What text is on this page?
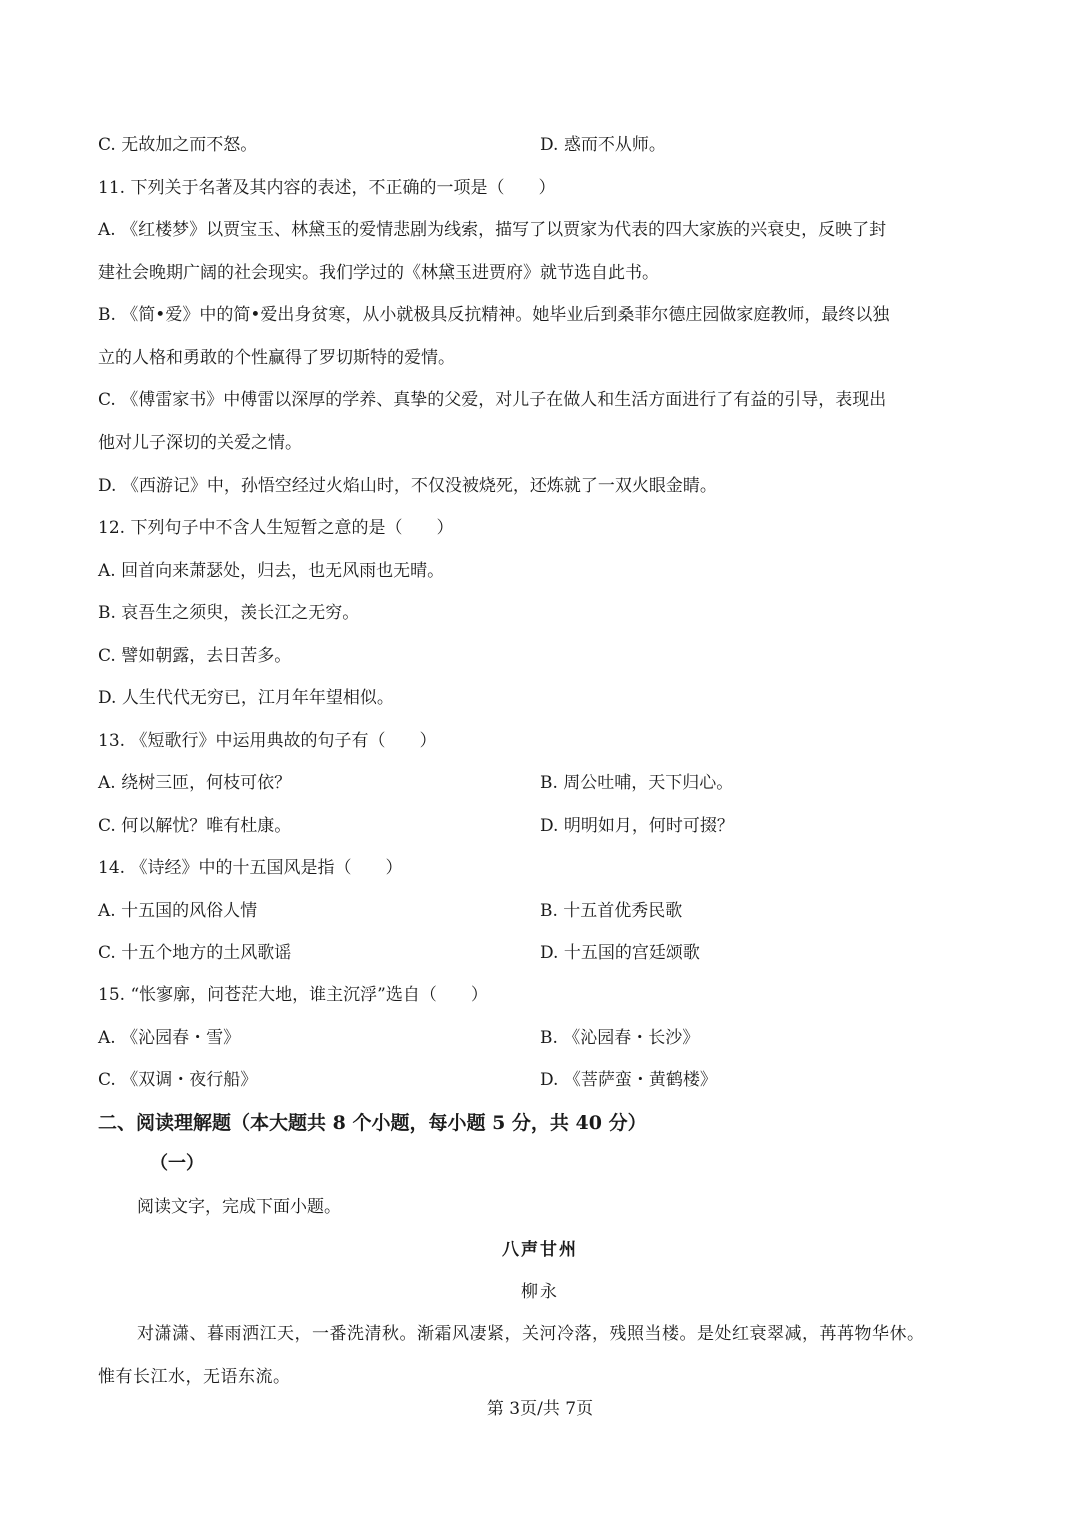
C. 无故加之而不怒。	D. 惑而不从师。
11. 下列关于名著及其内容的表述，不正确的一项是（　　）
A. 《红楼梦》以贾宝玉、林黛玉的爱情悲剧为线索，描写了以贾家为代表的四大家族的兴衰史，反映了封
建社会晚期广阔的社会现实。我们学过的《林黛玉进贾府》就节选自此书。
B. 《简•爱》中的简•爱出身贫寒，从小就极具反抗精神。她毕业后到桑菲尔德庄园做家庭教师，最终以独
立的人格和勇敢的个性赢得了罗切斯特的爱情。
C. 《傅雷家书》中傅雷以深厚的学养、真挚的父爱，对儿子在做人和生活方面进行了有益的引导，表现出
他对儿子深切的关爱之情。
D. 《西游记》中，孙悟空经过火焰山时，不仅没被烧死，还炼就了一双火眼金睛。
12. 下列句子中不含人生短暂之意的是（　　）
A. 回首向来萧瑟处，归去，也无风雨也无晴。
B. 哀吾生之须臾，羡长江之无穷。
C. 譬如朝露，去日苦多。
D. 人生代代无穷已，江月年年望相似。
13. 《短歌行》中运用典故的句子有（　　）
A. 绕树三匝，何枝可依？	B. 周公吐哺，天下归心。
C. 何以解忧？唯有杜康。	D. 明明如月，何时可掇？
14. 《诗经》中的十五国风是指（　　）
A. 十五国的风俗人情	B. 十五首优秀民歌
C. 十五个地方的土风歌谣	D. 十五国的宫廷颂歌
15. “怅寥廓，问苍茫大地，谁主沉浮”选自（　　）
A. 《沁园春・雪》	B. 《沁园春・长沙》
C. 《双调・夜行船》	D. 《菩萨蛮・黄鹤楼》
二、阅读理解题（本大题共 8 个小题，每小题 5 分，共 40 分）
（一）
阅读文字，完成下面小题。
八声甘州
柳永
对潇潇、暮雨洒江天，一番洗清秋。渐霜风凄紧，关河冷落，残照当楼。是处红衰翠减，苒苒物华休。
惟有长江水，无语东流。
第 3页/共 7页
